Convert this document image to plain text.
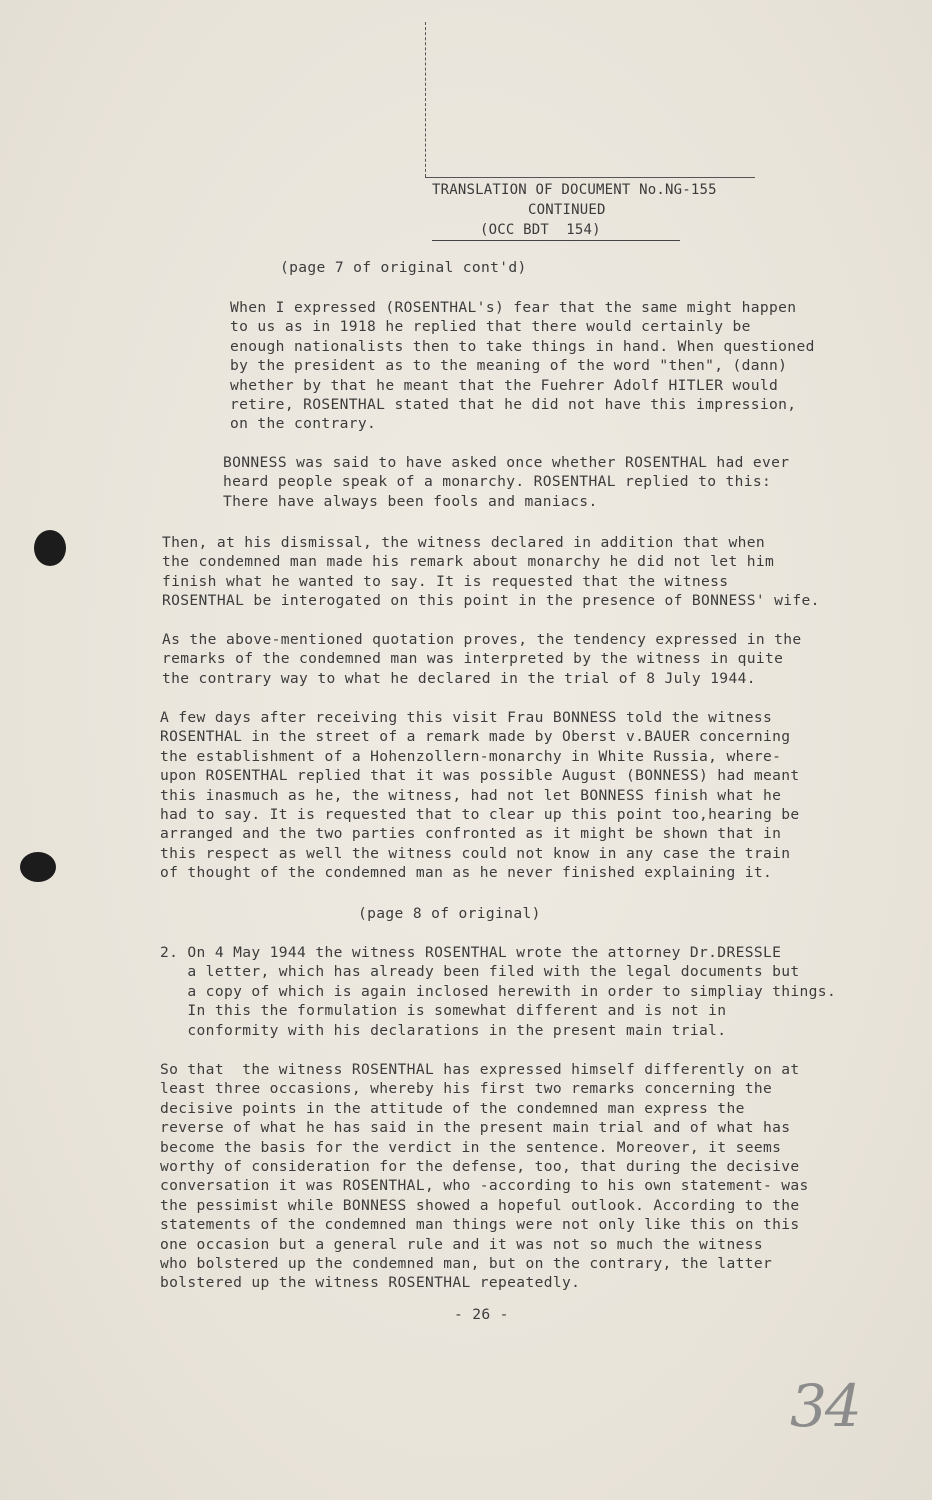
TRANSLATION OF DOCUMENT No.NG-155
CONTINUED
(OCC BDT  154)
(page 7 of original cont'd)
When I expressed (ROSENTHAL's) fear that the same might happen
to us as in 1918 he replied that there would certainly be
enough nationalists then to take things in hand. When questioned
by the president as to the meaning of the word "then", (dann)
whether by that he meant that the Fuehrer Adolf HITLER would
retire, ROSENTHAL stated that he did not have this impression,
on the contrary.
BONNESS was said to have asked once whether ROSENTHAL had ever
heard people speak of a monarchy. ROSENTHAL replied to this:
There have always been fools and maniacs.
Then, at his dismissal, the witness declared in addition that when
the condemned man made his remark about monarchy he did not let him
finish what he wanted to say. It is requested that the witness
ROSENTHAL be interogated on this point in the presence of BONNESS' wife.
As the above-mentioned quotation proves, the tendency expressed in the
remarks of the condemned man was interpreted by the witness in quite
the contrary way to what he declared in the trial of 8 July 1944.
A few days after receiving this visit Frau BONNESS told the witness
ROSENTHAL in the street of a remark made by Oberst v.BAUER concerning
the establishment of a Hohenzollern-monarchy in White Russia, where-
upon ROSENTHAL replied that it was possible August (BONNESS) had meant
this inasmuch as he, the witness, had not let BONNESS finish what he
had to say. It is requested that to clear up this point too,hearing be
arranged and the two parties confronted as it might be shown that in
this respect as well the witness could not know in any case the train
of thought of the condemned man as he never finished explaining it.
(page 8 of original)
2. On 4 May 1944 the witness ROSENTHAL wrote the attorney Dr.DRESSLE
a letter, which has already been filed with the legal documents but
a copy of which is again inclosed herewith in order to simpliay things.
In this the formulation is somewhat different and is not in
conformity with his declarations in the present main trial.
So that  the witness ROSENTHAL has expressed himself differently on at
least three occasions, whereby his first two remarks concerning the
decisive points in the attitude of the condemned man express the
reverse of what he has said in the present main trial and of what has
become the basis for the verdict in the sentence. Moreover, it seems
worthy of consideration for the defense, too, that during the decisive
conversation it was ROSENTHAL, who -according to his own statement- was
the pessimist while BONNESS showed a hopeful outlook. According to the
statements of the condemned man things were not only like this on this
one occasion but a general rule and it was not so much the witness
who bolstered up the condemned man, but on the contrary, the latter
bolstered up the witness ROSENTHAL repeatedly.
- 26 -
34
